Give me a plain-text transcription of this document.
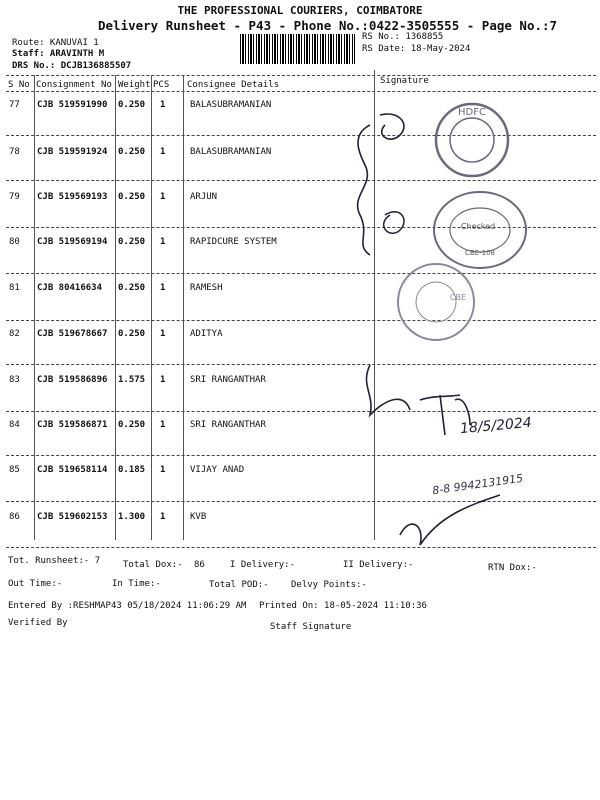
THE PROFESSIONAL COURIERS, COIMBATORE
Delivery Runsheet - P43 - Phone No.:0422-3505555 - Page No.:7
Route: KANUVAI 1
Staff: ARAVINTH M
DRS No.: DCJB136885507
RS No.: 1368855
RS Date: 18-May-2024
S No Consignment No Weight PCS Consignee Details	Signature
77 CJB 519591990 0.250 1	BALASUBRAMANIAN
78 CJB 519591924 0.250 1	BALASUBRAMANIAN
79 CJB 519569193 0.250 1	ARJUN
80 CJB 519569194 0.250 1	RAPIDCURE SYSTEM
81 CJB 80416634 0.250 1	RAMESH
82 CJB 519678667 0.250 1	ADITYA
83 CJB 519586896 1.575 1	SRI RANGANTHAR
84 CJB 519586871 0.250 1	SRI RANGANTHAR
85 CJB 519658114 0.185 1	VIJAY ANAD
86 CJB 519602153 1.300 1	KVB
Tot. Runsheet:- 7	Total Dox:- 86	I Delivery:-	II Delivery:-	RTN Dox:-
Out Time:-	In Time:-	Total POD:- Delvy Points:-
Entered By :RESHMAP43 05/18/2024 11:06:29 AM Printed On: 18-05-2024 11:10:36
Verified By	Staff Signature
18/5/2024
8-8 9942131915
HDFC
Checked
CBE-108
CBE
